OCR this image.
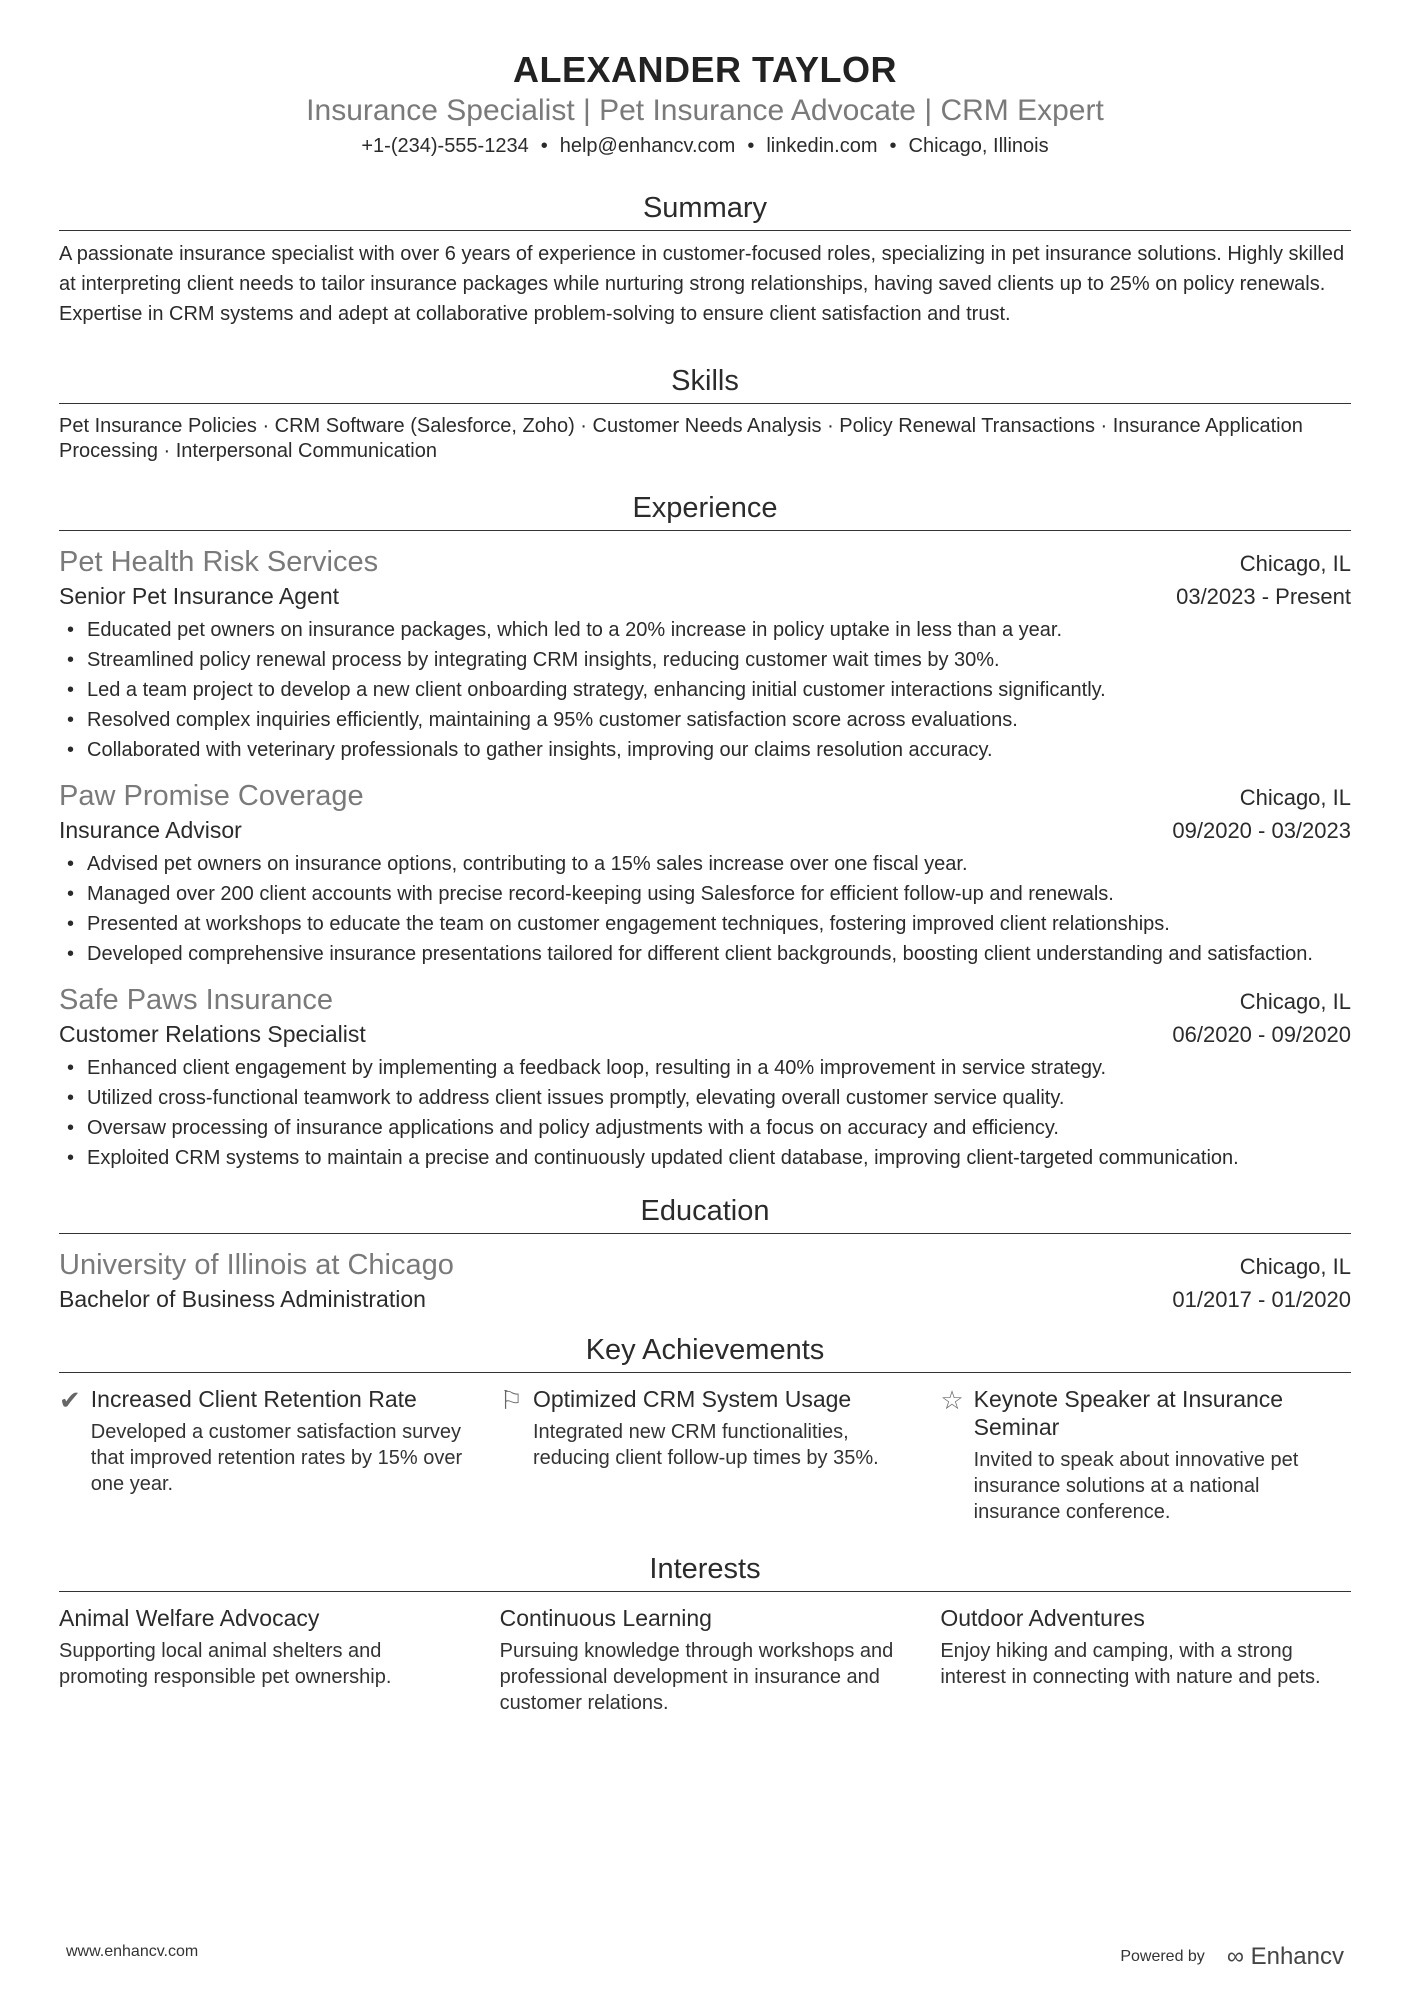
ALEXANDER TAYLOR
Insurance Specialist | Pet Insurance Advocate | CRM Expert
+1-(234)-555-1234 • help@enhancv.com • linkedin.com • Chicago, Illinois
Summary
A passionate insurance specialist with over 6 years of experience in customer-focused roles, specializing in pet insurance solutions. Highly skilled at interpreting client needs to tailor insurance packages while nurturing strong relationships, having saved clients up to 25% on policy renewals. Expertise in CRM systems and adept at collaborative problem-solving to ensure client satisfaction and trust.
Skills
Pet Insurance Policies · CRM Software (Salesforce, Zoho) · Customer Needs Analysis · Policy Renewal Transactions · Insurance Application Processing · Interpersonal Communication
Experience
Pet Health Risk Services	Chicago, IL
Senior Pet Insurance Agent	03/2023 - Present
• Educated pet owners on insurance packages, which led to a 20% increase in policy uptake in less than a year.
• Streamlined policy renewal process by integrating CRM insights, reducing customer wait times by 30%.
• Led a team project to develop a new client onboarding strategy, enhancing initial customer interactions significantly.
• Resolved complex inquiries efficiently, maintaining a 95% customer satisfaction score across evaluations.
• Collaborated with veterinary professionals to gather insights, improving our claims resolution accuracy.
Paw Promise Coverage	Chicago, IL
Insurance Advisor	09/2020 - 03/2023
• Advised pet owners on insurance options, contributing to a 15% sales increase over one fiscal year.
• Managed over 200 client accounts with precise record-keeping using Salesforce for efficient follow-up and renewals.
• Presented at workshops to educate the team on customer engagement techniques, fostering improved client relationships.
• Developed comprehensive insurance presentations tailored for different client backgrounds, boosting client understanding and satisfaction.
Safe Paws Insurance	Chicago, IL
Customer Relations Specialist	06/2020 - 09/2020
• Enhanced client engagement by implementing a feedback loop, resulting in a 40% improvement in service strategy.
• Utilized cross-functional teamwork to address client issues promptly, elevating overall customer service quality.
• Oversaw processing of insurance applications and policy adjustments with a focus on accuracy and efficiency.
• Exploited CRM systems to maintain a precise and continuously updated client database, improving client-targeted communication.
Education
University of Illinois at Chicago	Chicago, IL
Bachelor of Business Administration	01/2017 - 01/2020
Key Achievements
✔ Increased Client Retention Rate

Developed a customer satisfaction survey that improved retention rates by 15% over one year.

⚐ Optimized CRM System Usage

Integrated new CRM functionalities, reducing client follow-up times by 35%.

☆ Keynote Speaker at Insurance Seminar

Invited to speak about innovative pet insurance solutions at a national insurance conference.

Interests
Animal Welfare Advocacy

Supporting local animal shelters and promoting responsible pet ownership.

Continuous Learning

Pursuing knowledge through workshops and professional development in insurance and customer relations.

Outdoor Adventures

Enjoy hiking and camping, with a strong interest in connecting with nature and pets.

www.enhancv.com	Powered by ∞ Enhancv
